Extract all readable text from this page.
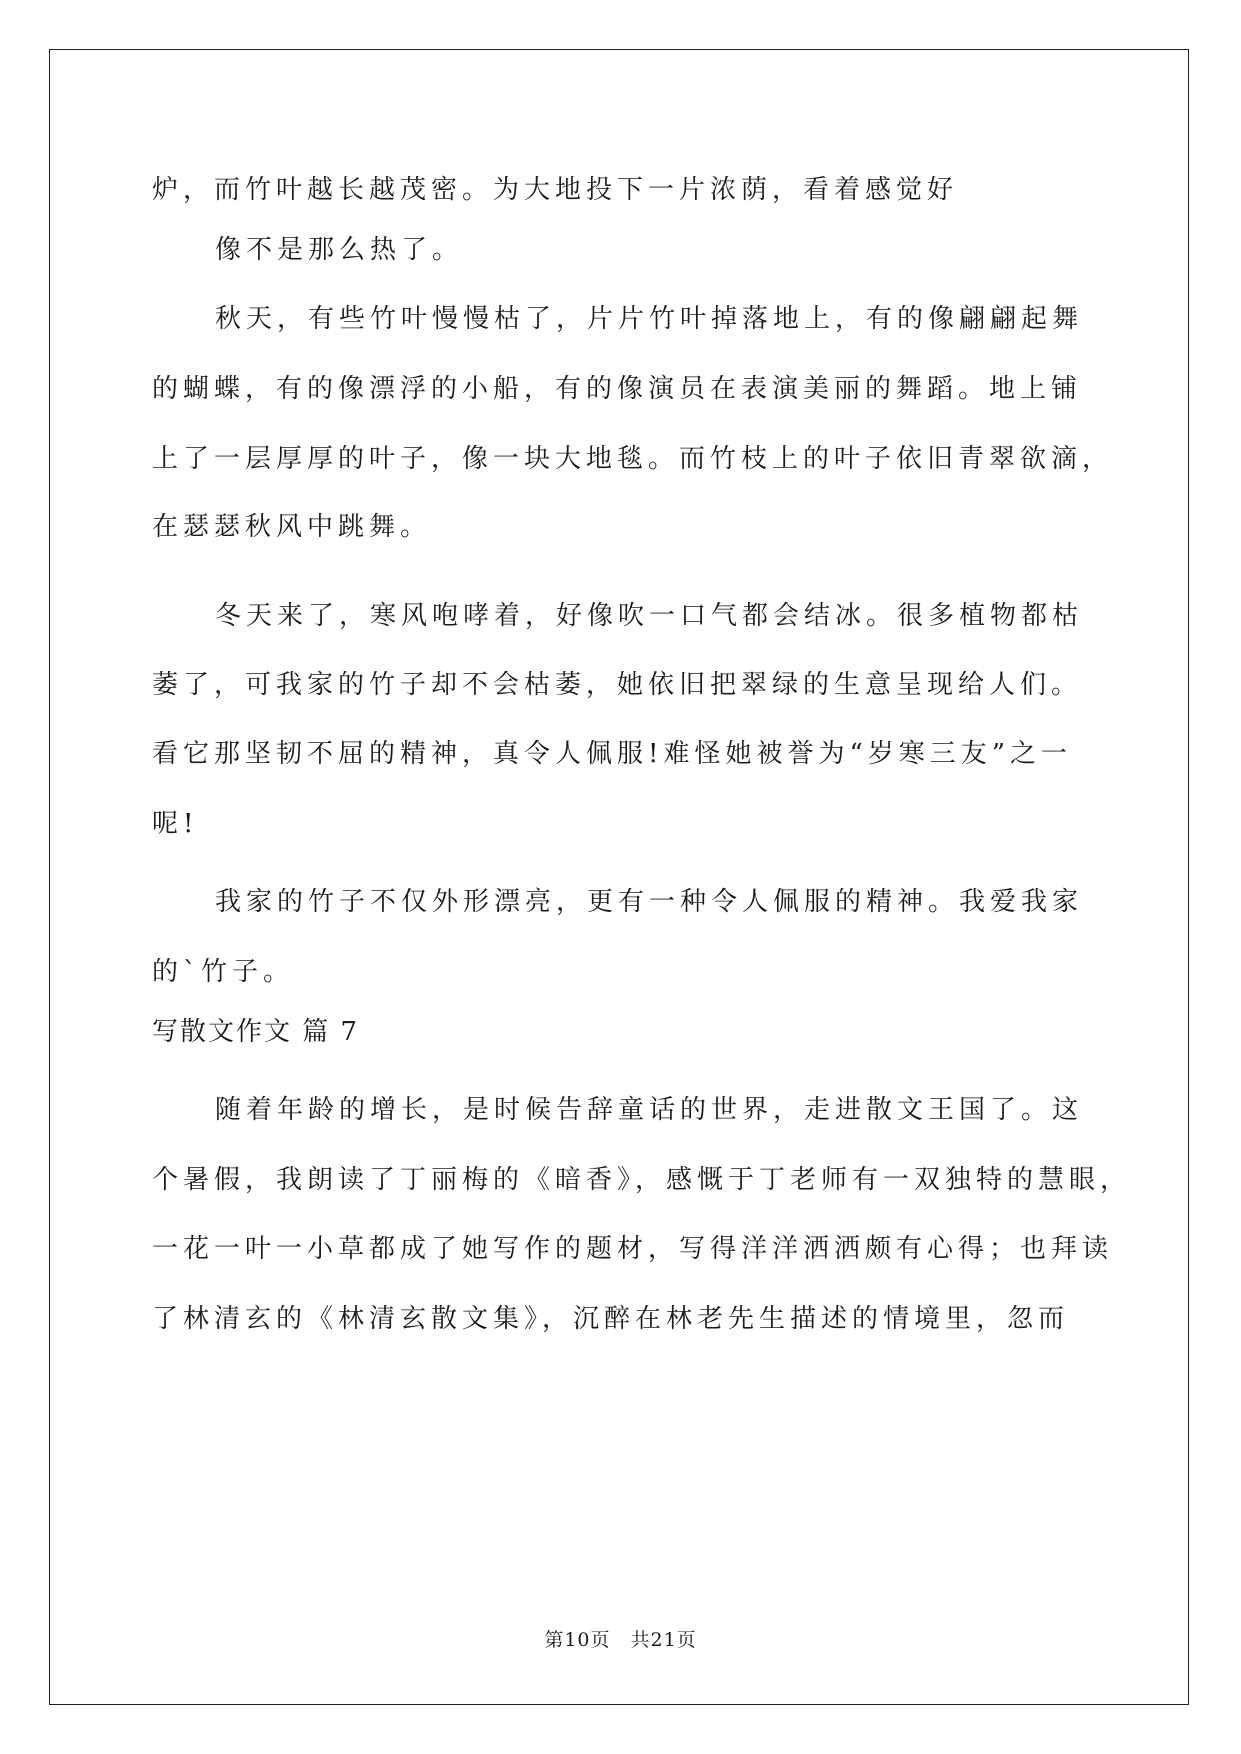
炉，而竹叶越长越茂密。为大地投下一片浓荫，看着感觉好

像不是那么热了。

秋天，有些竹叶慢慢枯了，片片竹叶掉落地上，有的像翩翩起舞

的蝴蝶，有的像漂浮的小船，有的像演员在表演美丽的舞蹈。地上铺

上了一层厚厚的叶子，像一块大地毯。而竹枝上的叶子依旧青翠欲滴，

在瑟瑟秋风中跳舞。

冬天来了，寒风咆哮着，好像吹一口气都会结冰。很多植物都枯

萎了，可我家的竹子却不会枯萎，她依旧把翠绿的生意呈现给人们。

看它那坚韧不屈的精神，真令人佩服!难怪她被誉为“岁寒三友”之一

呢!

我家的竹子不仅外形漂亮，更有一种令人佩服的精神。我爱我家

的`竹子。

写散文作文 篇 7

随着年龄的增长，是时候告辞童话的世界，走进散文王国了。这

个暑假，我朗读了丁丽梅的《暗香》，感慨于丁老师有一双独特的慧眼，

一花一叶一小草都成了她写作的题材，写得洋洋洒洒颇有心得；也拜读

了林清玄的《林清玄散文集》，沉醉在林老先生描述的情境里，忽而

第10页　共21页
